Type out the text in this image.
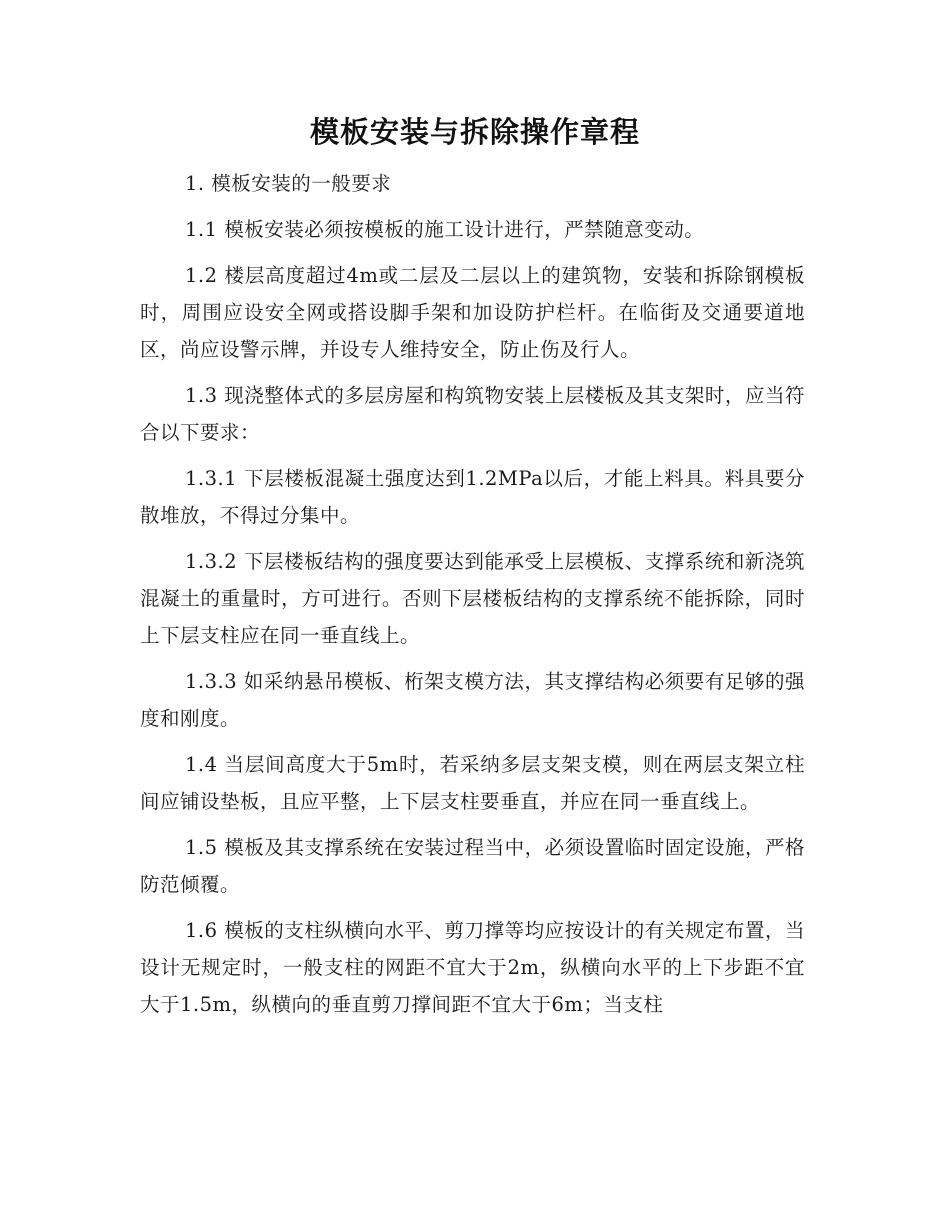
模板安装与拆除操作章程

1. 模板安装的一般要求

1.1 模板安装必须按模板的施工设计进行，严禁随意变动。

1.2 楼层高度超过4m或二层及二层以上的建筑物，安装和拆除钢模板时，周围应设安全网或搭设脚手架和加设防护栏杆。在临街及交通要道地区，尚应设警示牌，并设专人维持安全，防止伤及行人。

1.3 现浇整体式的多层房屋和构筑物安装上层楼板及其支架时，应当符合以下要求：

1.3.1 下层楼板混凝土强度达到1.2MPa以后，才能上料具。料具要分散堆放，不得过分集中。

1.3.2 下层楼板结构的强度要达到能承受上层模板、支撑系统和新浇筑混凝土的重量时，方可进行。否则下层楼板结构的支撑系统不能拆除，同时上下层支柱应在同一垂直线上。

1.3.3 如采纳悬吊模板、桁架支模方法，其支撑结构必须要有足够的强度和刚度。

1.4 当层间高度大于5m时，若采纳多层支架支模，则在两层支架立柱间应铺设垫板，且应平整，上下层支柱要垂直，并应在同一垂直线上。

1.5 模板及其支撑系统在安装过程当中，必须设置临时固定设施，严格防范倾覆。

1.6 模板的支柱纵横向水平、剪刀撑等均应按设计的有关规定布置，当设计无规定时，一般支柱的网距不宜大于2m，纵横向水平的上下步距不宜大于1.5m，纵横向的垂直剪刀撑间距不宜大于6m；当支柱
